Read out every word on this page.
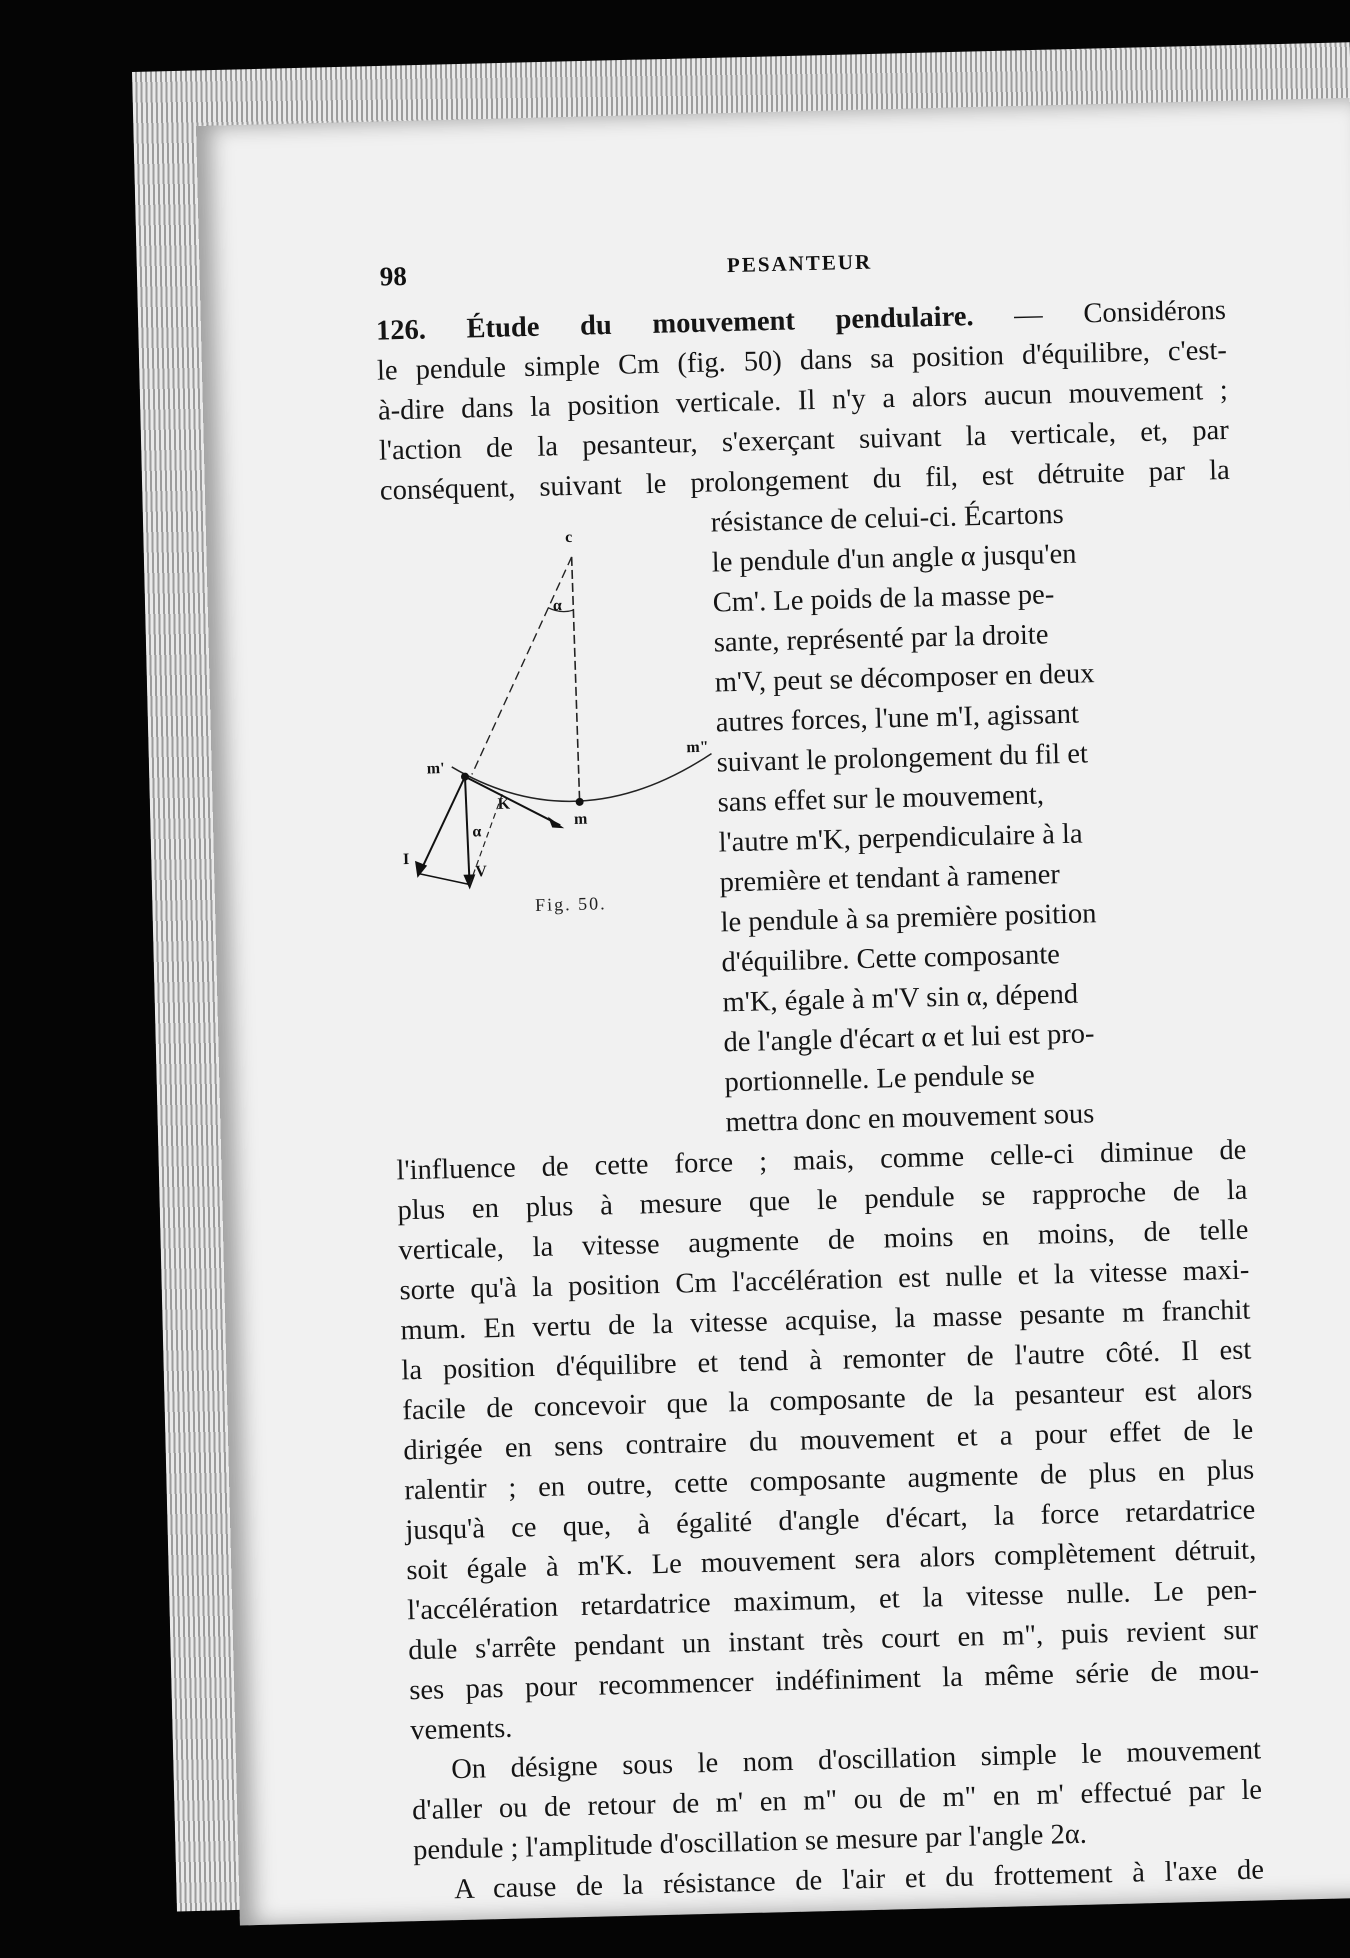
98	PESANTEUR
126. Étude du mouvement pendulaire. — Considérons
le pendule simple Cm (fig. 50) dans sa position d'équilibre, c'est-
à-dire dans la position verticale. Il n'y a alors aucun mouvement ;
l'action de la pesanteur, s'exerçant suivant la verticale, et, par
conséquent, suivant le prolongement du fil, est détruite par la
c
α
m'
m"
m
K
α
I
V
Fig. 50.
résistance de celui-ci. Écartons
le pendule d'un angle α jusqu'en
Cm'. Le poids de la masse pe-
sante, représenté par la droite
m'V, peut se décomposer en deux
autres forces, l'une m'I, agissant
suivant le prolongement du fil et
sans effet sur le mouvement,
l'autre m'K, perpendiculaire à la
première et tendant à ramener
le pendule à sa première position
d'équilibre. Cette composante
m'K, égale à m'V sin α, dépend
de l'angle d'écart α et lui est pro-
portionnelle. Le pendule se
mettra donc en mouvement sous
l'influence de cette force ; mais, comme celle-ci diminue de
plus en plus à mesure que le pendule se rapproche de la
verticale, la vitesse augmente de moins en moins, de telle
sorte qu'à la position Cm l'accélération est nulle et la vitesse maxi-
mum. En vertu de la vitesse acquise, la masse pesante m franchit
la position d'équilibre et tend à remonter de l'autre côté. Il est
facile de concevoir que la composante de la pesanteur est alors
dirigée en sens contraire du mouvement et a pour effet de le
ralentir ; en outre, cette composante augmente de plus en plus
jusqu'à ce que, à égalité d'angle d'écart, la force retardatrice
soit égale à m'K. Le mouvement sera alors complètement détruit,
l'accélération retardatrice maximum, et la vitesse nulle. Le pen-
dule s'arrête pendant un instant très court en m", puis revient sur
ses pas pour recommencer indéfiniment la même série de mou-
vements.
On désigne sous le nom d'oscillation simple le mouvement
d'aller ou de retour de m' en m" ou de m" en m' effectué par le
pendule ; l'amplitude d'oscillation se mesure par l'angle 2α.
A cause de la résistance de l'air et du frottement à l'axe de
